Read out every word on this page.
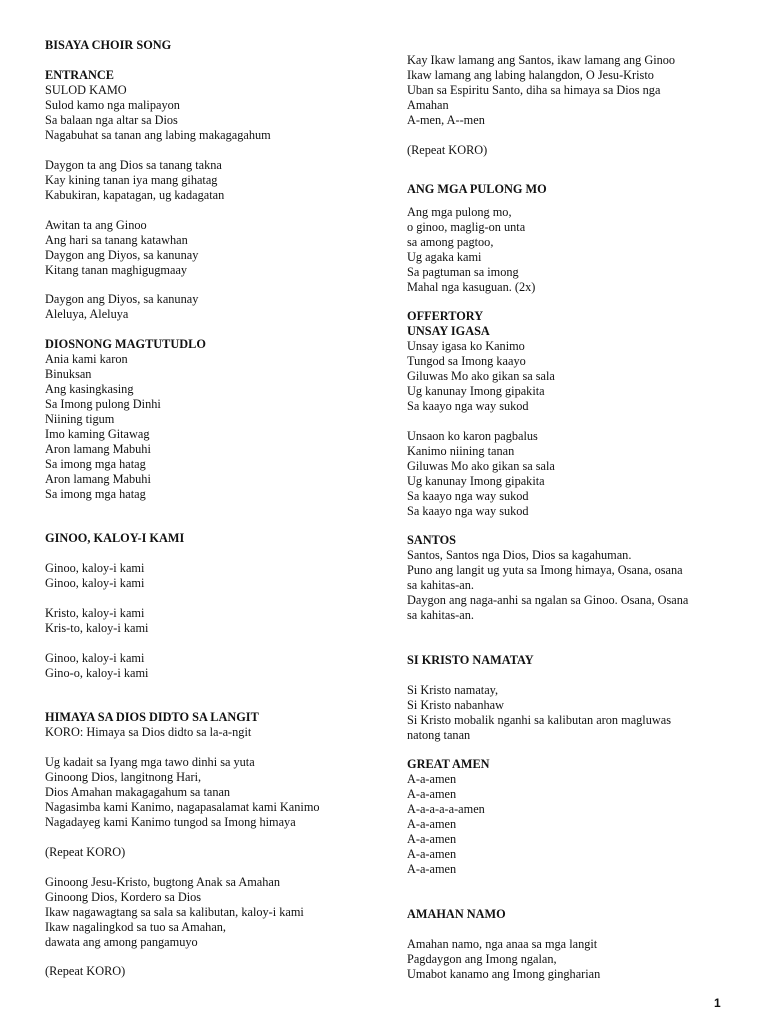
BISAYA CHOIR SONG
ENTRANCE
SULOD KAMO
Sulod kamo nga malipayon
Sa balaan nga altar sa Dios
Nagabuhat sa tanan ang labing makagagahum
Daygon ta ang Dios sa tanang takna
Kay kining tanan iya mang gihatag
Kabukiran, kapatagan, ug kadagatan
Awitan ta ang Ginoo
Ang hari sa tanang katawhan
Daygon ang Diyos, sa kanunay
Kitang tanan maghigugmaay
Daygon ang Diyos, sa kanunay
Aleluya, Aleluya
DIOSNONG MAGTUTUDLO
Ania kami karon
Binuksan
Ang kasingkasing
Sa Imong pulong Dinhi
Niining tigum
Imo kaming Gitawag
Aron lamang Mabuhi
Sa imong mga hatag
Aron lamang Mabuhi
Sa imong mga hatag
GINOO, KALOY-I KAMI
Ginoo, kaloy-i kami
Ginoo, kaloy-i kami
Kristo, kaloy-i kami
Kris-to, kaloy-i kami
Ginoo, kaloy-i kami
Gino-o, kaloy-i kami
HIMAYA SA DIOS DIDTO SA LANGIT
KORO: Himaya sa Dios didto sa la-a-ngit
Ug kadait sa Iyang mga tawo dinhi sa yuta
Ginoong Dios, langitnong Hari,
Dios Amahan makagagahum sa tanan
Nagasimba kami Kanimo, nagapasalamat kami Kanimo
Nagadayeg kami Kanimo tungod sa Imong himaya
(Repeat KORO)
Ginoong Jesu-Kristo, bugtong Anak sa Amahan
Ginoong Dios, Kordero sa Dios
Ikaw nagawagtang sa sala sa kalibutan, kaloy-i kami
Ikaw nagalingkod sa tuo sa Amahan,
dawata ang among pangamuyo
(Repeat KORO)
Kay Ikaw lamang ang Santos, ikaw lamang ang Ginoo
Ikaw lamang ang labing halangdon, O Jesu-Kristo
Uban sa Espiritu Santo, diha sa himaya sa Dios nga
Amahan
A-men, A--men
(Repeat KORO)
ANG MGA PULONG MO
Ang mga pulong mo,
o ginoo, maglig-on unta
sa among pagtoo,
Ug agaka kami
Sa pagtuman sa imong
Mahal nga kasuguan. (2x)
OFFERTORY
UNSAY IGASA
Unsay igasa ko Kanimo
Tungod sa Imong kaayo
Giluwas Mo ako gikan sa sala
Ug kanunay Imong gipakita
Sa kaayo nga way sukod
Unsaon ko karon pagbalus
Kanimo niining tanan
Giluwas Mo ako gikan sa sala
Ug kanunay Imong gipakita
Sa kaayo nga way sukod
Sa kaayo nga way sukod
SANTOS
Santos, Santos nga Dios, Dios sa kagahuman.
Puno ang langit ug yuta sa Imong himaya, Osana, osana
sa kahitas-an.
Daygon ang naga-anhi sa ngalan sa Ginoo. Osana, Osana
sa kahitas-an.
SI KRISTO NAMATAY
Si Kristo namatay,
Si Kristo nabanhaw
Si Kristo mobalik nganhi sa kalibutan aron magluwas
natong tanan
GREAT AMEN
A-a-amen
A-a-amen
A-a-a-a-a-amen
A-a-amen
A-a-amen
A-a-amen
A-a-amen
AMAHAN NAMO
Amahan namo, nga anaa sa mga langit
Pagdaygon ang Imong ngalan,
Umabot kanamo ang Imong gingharian
1
